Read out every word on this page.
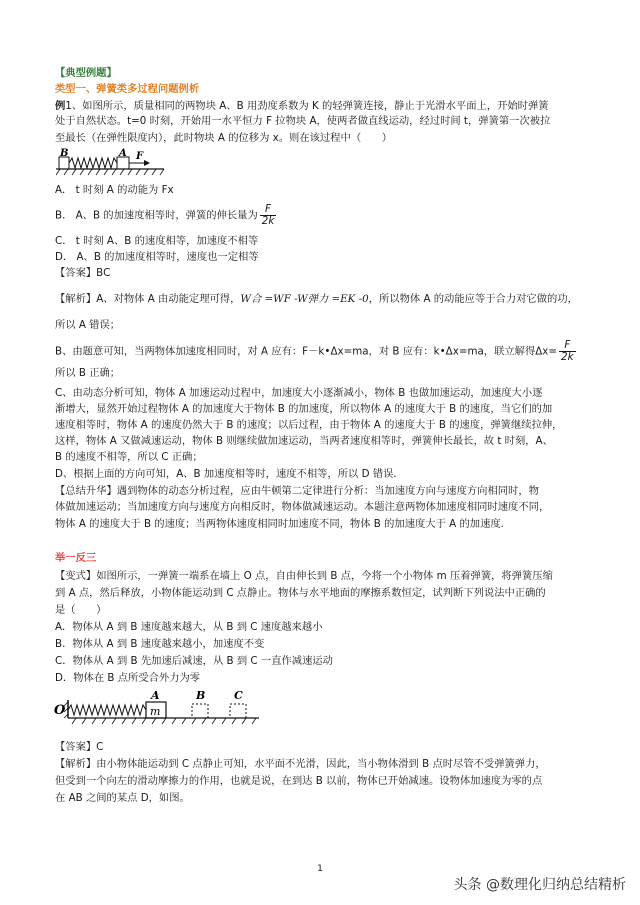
【典型例题】
类型一、弹簧类多过程问题例析
例1、如图所示，质量相同的两物块 A、B 用劲度系数为 K 的轻弹簧连接，静止于光滑水平面上，开始时弹簧
处于自然状态。t=0 时刻，开始用一水平恒力 F 拉物块 A，使两者做直线运动，经过时间 t，弹簧第一次被拉
至最长（在弹性限度内），此时物块 A 的位移为 x。则在该过程中（　　）
B	A F
A． t 时刻 A 的动能为 Fx
B． A、B 的加速度相等时，弹簧的伸长量为 $\frac{F}{2k}$
C． t 时刻 A、B 的速度相等，加速度不相等
D． A、B 的加速度相等时，速度也一定相等
【答案】BC
【解析】A、对物体 A 由动能定理可得，W合 =WF -W弹力 =EK -0，所以物体 A 的动能应等于合力对它做的功，
所以 A 错误；
B、由题意可知，当两物体加速度相同时，对 A 应有：F－k•Δx=ma，对 B 应有：k•Δx=ma，联立解得$\Delta x= \frac{F}{2k}$
所以 B 正确；
C、由动态分析可知，物体 A 加速运动过程中，加速度大小逐渐减小，物体 B 也做加速运动，加速度大小逐
渐增大，显然开始过程物体 A 的加速度大于物体 B 的加速度，所以物体 A 的速度大于 B 的速度，当它们的加
速度相等时，物体 A 的速度仍然大于 B 的速度；以后过程，由于物体 A 的速度大于 B 的速度，弹簧继续拉伸，
这样，物体 A 又做减速运动，物体 B 则继续做加速运动，当两者速度相等时，弹簧伸长最长，故 t 时刻，A、
B 的速度不相等，所以 C 正确；
D、根据上面的方向可知，A、B 加速度相等时，速度不相等，所以 D 错误．
【总结升华】遇到物体的动态分析过程，应由牛顿第二定律进行分析：当加速度方向与速度方向相同时，物
体做加速运动；当加速度方向与速度方向相反时，物体做减速运动。本题注意两物体加速度相同时速度不同，
物体 A 的速度大于 B 的速度；当两物体速度相同时加速度不同，物体 B 的加速度大于 A 的加速度.
举一反三
【变式】如图所示，一弹簧一端系在墙上 O 点，自由伸长到 B 点，今将一个小物体 m 压着弹簧，将弹簧压缩
到 A 点，然后释放，小物体能运动到 C 点静止。物体与水平地面的摩擦系数恒定，试判断下列说法中正确的
是（　　）
A．物体从 A 到 B 速度越来越大，从 B 到 C 速度越来越小
B．物体从 A 到 B 速度越来越小，加速度不变
C．物体从 A 到 B 先加速后减速，从 B 到 C 一直作减速运动
D．物体在 B 点所受合外力为零
O	m
A	B	C
【答案】C
【解析】由小物体能运动到 C 点静止可知，水平面不光滑，因此，当小物体滑到 B 点时尽管不受弹簧弹力，
但受到一个向左的滑动摩擦力的作用，也就是说，在到达 B 以前，物体已开始减速。设物体加速度为零的点
在 AB 之间的某点 D，如图。
1
头条 @数理化归纳总结精析
